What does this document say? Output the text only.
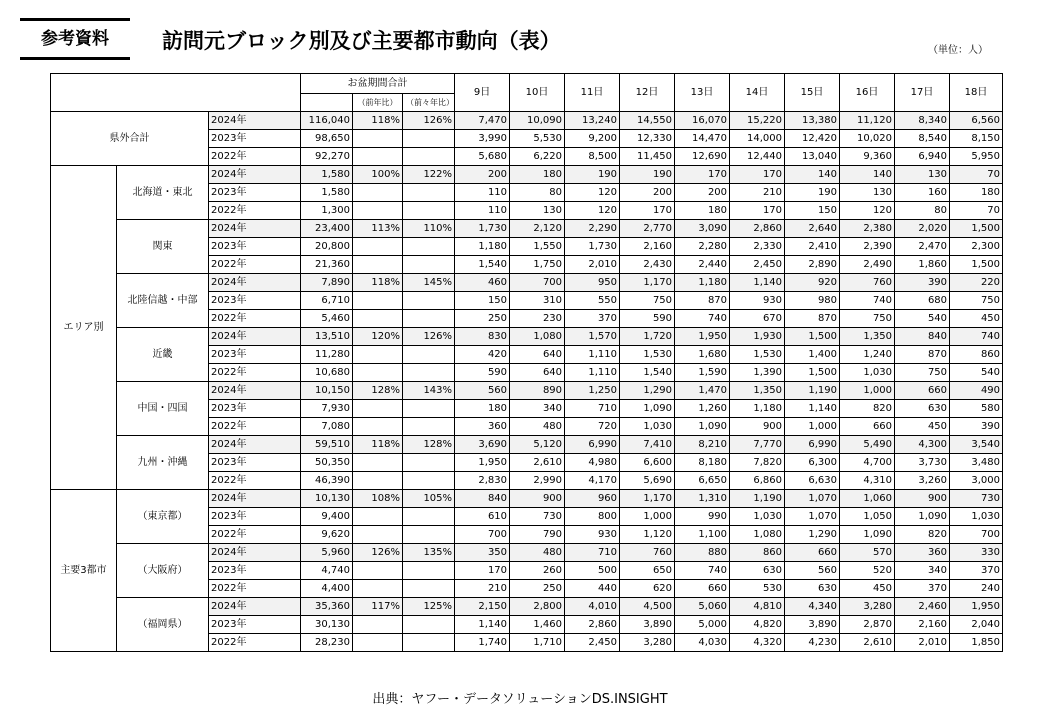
参考資料	訪問元ブロック別及び主要都市動向（表）	（単位：人）
			お盆期間合計			9日	10日	11日	12日	13日	14日	15日	16日	17日	18日
				（前年比）	（前々年比）										
県外合計		2024年	116,040	118%	126%	7,470	10,090	13,240	14,550	16,070	15,220	13,380	11,120	8,340	6,560
		2023年	98,650			3,990	5,530	9,200	12,330	14,470	14,000	12,420	10,020	8,540	8,150
		2022年	92,270			5,680	6,220	8,500	11,450	12,690	12,440	13,040	9,360	6,940	5,950
エリア別	北海道・東北	2024年	1,580	100%	122%	200	180	190	190	170	170	140	140	130	70
		2023年	1,580			110	80	120	200	200	210	190	130	160	180
		2022年	1,300			110	130	120	170	180	170	150	120	80	70
	関東	2024年	23,400	113%	110%	1,730	2,120	2,290	2,770	3,090	2,860	2,640	2,380	2,020	1,500
		2023年	20,800			1,180	1,550	1,730	2,160	2,280	2,330	2,410	2,390	2,470	2,300
		2022年	21,360			1,540	1,750	2,010	2,430	2,440	2,450	2,890	2,490	1,860	1,500
	北陸信越・中部	2024年	7,890	118%	145%	460	700	950	1,170	1,180	1,140	920	760	390	220
		2023年	6,710			150	310	550	750	870	930	980	740	680	750
		2022年	5,460			250	230	370	590	740	670	870	750	540	450
	近畿	2024年	13,510	120%	126%	830	1,080	1,570	1,720	1,950	1,930	1,500	1,350	840	740
		2023年	11,280			420	640	1,110	1,530	1,680	1,530	1,400	1,240	870	860
		2022年	10,680			590	640	1,110	1,540	1,590	1,390	1,500	1,030	750	540
	中国・四国	2024年	10,150	128%	143%	560	890	1,250	1,290	1,470	1,350	1,190	1,000	660	490
		2023年	7,930			180	340	710	1,090	1,260	1,180	1,140	820	630	580
		2022年	7,080			360	480	720	1,030	1,090	900	1,000	660	450	390
	九州・沖縄	2024年	59,510	118%	128%	3,690	5,120	6,990	7,410	8,210	7,770	6,990	5,490	4,300	3,540
		2023年	50,350			1,950	2,610	4,980	6,600	8,180	7,820	6,300	4,700	3,730	3,480
		2022年	46,390			2,830	2,990	4,170	5,690	6,650	6,860	6,630	4,310	3,260	3,000
主要3都市	（東京都）	2024年	10,130	108%	105%	840	900	960	1,170	1,310	1,190	1,070	1,060	900	730
		2023年	9,400			610	730	800	1,000	990	1,030	1,070	1,050	1,090	1,030
		2022年	9,620			700	790	930	1,120	1,100	1,080	1,290	1,090	820	700
	（大阪府）	2024年	5,960	126%	135%	350	480	710	760	880	860	660	570	360	330
		2023年	4,740			170	260	500	650	740	630	560	520	340	370
		2022年	4,400			210	250	440	620	660	530	630	450	370	240
	（福岡県）	2024年	35,360	117%	125%	2,150	2,800	4,010	4,500	5,060	4,810	4,340	3,280	2,460	1,950
		2023年	30,130			1,140	1,460	2,860	3,890	5,000	4,820	3,890	2,870	2,160	2,040
		2022年	28,230			1,740	1,710	2,450	3,280	4,030	4,320	4,230	2,610	2,010	1,850
出典：ヤフー・データソリューションDS.INSIGHT
